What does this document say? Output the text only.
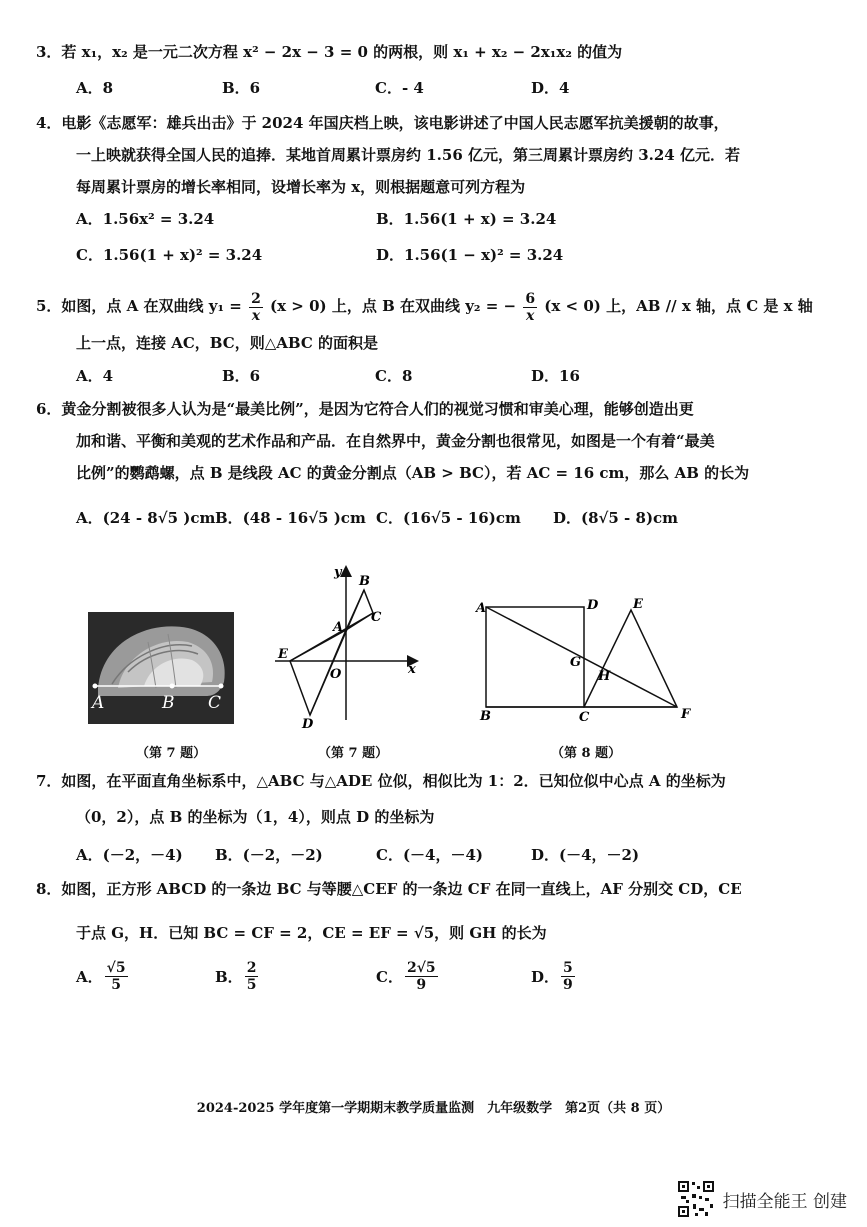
3．若 x₁，x₂ 是一元二次方程 x² − 2x − 3 = 0 的两根，则 x₁ + x₂ − 2x₁x₂ 的值为
A．8	B．6	C．- 4	D．4
4．电影《志愿军：雄兵出击》于 2024 年国庆档上映，该电影讲述了中国人民志愿军抗美援朝的故事，
一上映就获得全国人民的追捧．某地首周累计票房约 1.56 亿元，第三周累计票房约 3.24 亿元．若
每周累计票房的增长率相同，设增长率为 x，则根据题意可列方程为
A．1.56x² = 3.24	B．1.56(1 + x) = 3.24
C．1.56(1 + x)² = 3.24	D．1.56(1 − x)² = 3.24
5．如图，点 A 在双曲线 $y_1 = \frac{2}{x} (x > 0)$ 上，点 B 在双曲线 y₂ = − $\frac{6}{x} (x < 0)$ 上，AB // x 轴，点 C 是 x 轴
上一点，连接 AC，BC，则△ABC 的面积是
A．4	B．6	C．8	D．16
6．黄金分割被很多人认为是“最美比例”，是因为它符合人们的视觉习惯和审美心理，能够创造出更
加和谐、平衡和美观的艺术作品和产品．在自然界中，黄金分割也很常见，如图是一个有着“最美
比例”的鹦鹉螺，点 B 是线段 AC 的黄金分割点（AB > BC），若 AC = 16 cm，那么 AB 的长为
A．(24 - 8√5 )cm B．(48 - 16√5 )cm C．(16√5 - 16)cm D．(8√5 - 8)cm
A	B C
y
B
C
A
E
O	x
D
A	D	E
G
H
B	C	F
（第 7 题）	（第 7 题）	（第 8 题）
7．如图，在平面直角坐标系中，△ABC 与△ADE 位似，相似比为 1：2．已知位似中心点 A 的坐标为
（0，2），点 B 的坐标为（1，4），则点 D 的坐标为
A．(－2，－4) B．(－2，－2)	C．(－4，－4)	D．(－4，－2)
8．如图，正方形 ABCD 的一条边 BC 与等腰△CEF 的一条边 CF 在同一直线上，AF 分别交 CD，CE
于点 G，H．已知 BC = CF = 2，CE = EF = √5，则 GH 的长为
A． $\frac{√5}{5}$	B． $\frac{2}{5}$	C． $\frac{2√5}{9}$	D． $\frac{5}{9}$
2024-2025 学年度第一学期期末教学质量监测　九年级数学　第2页（共 8 页）
扫描全能王 创建
